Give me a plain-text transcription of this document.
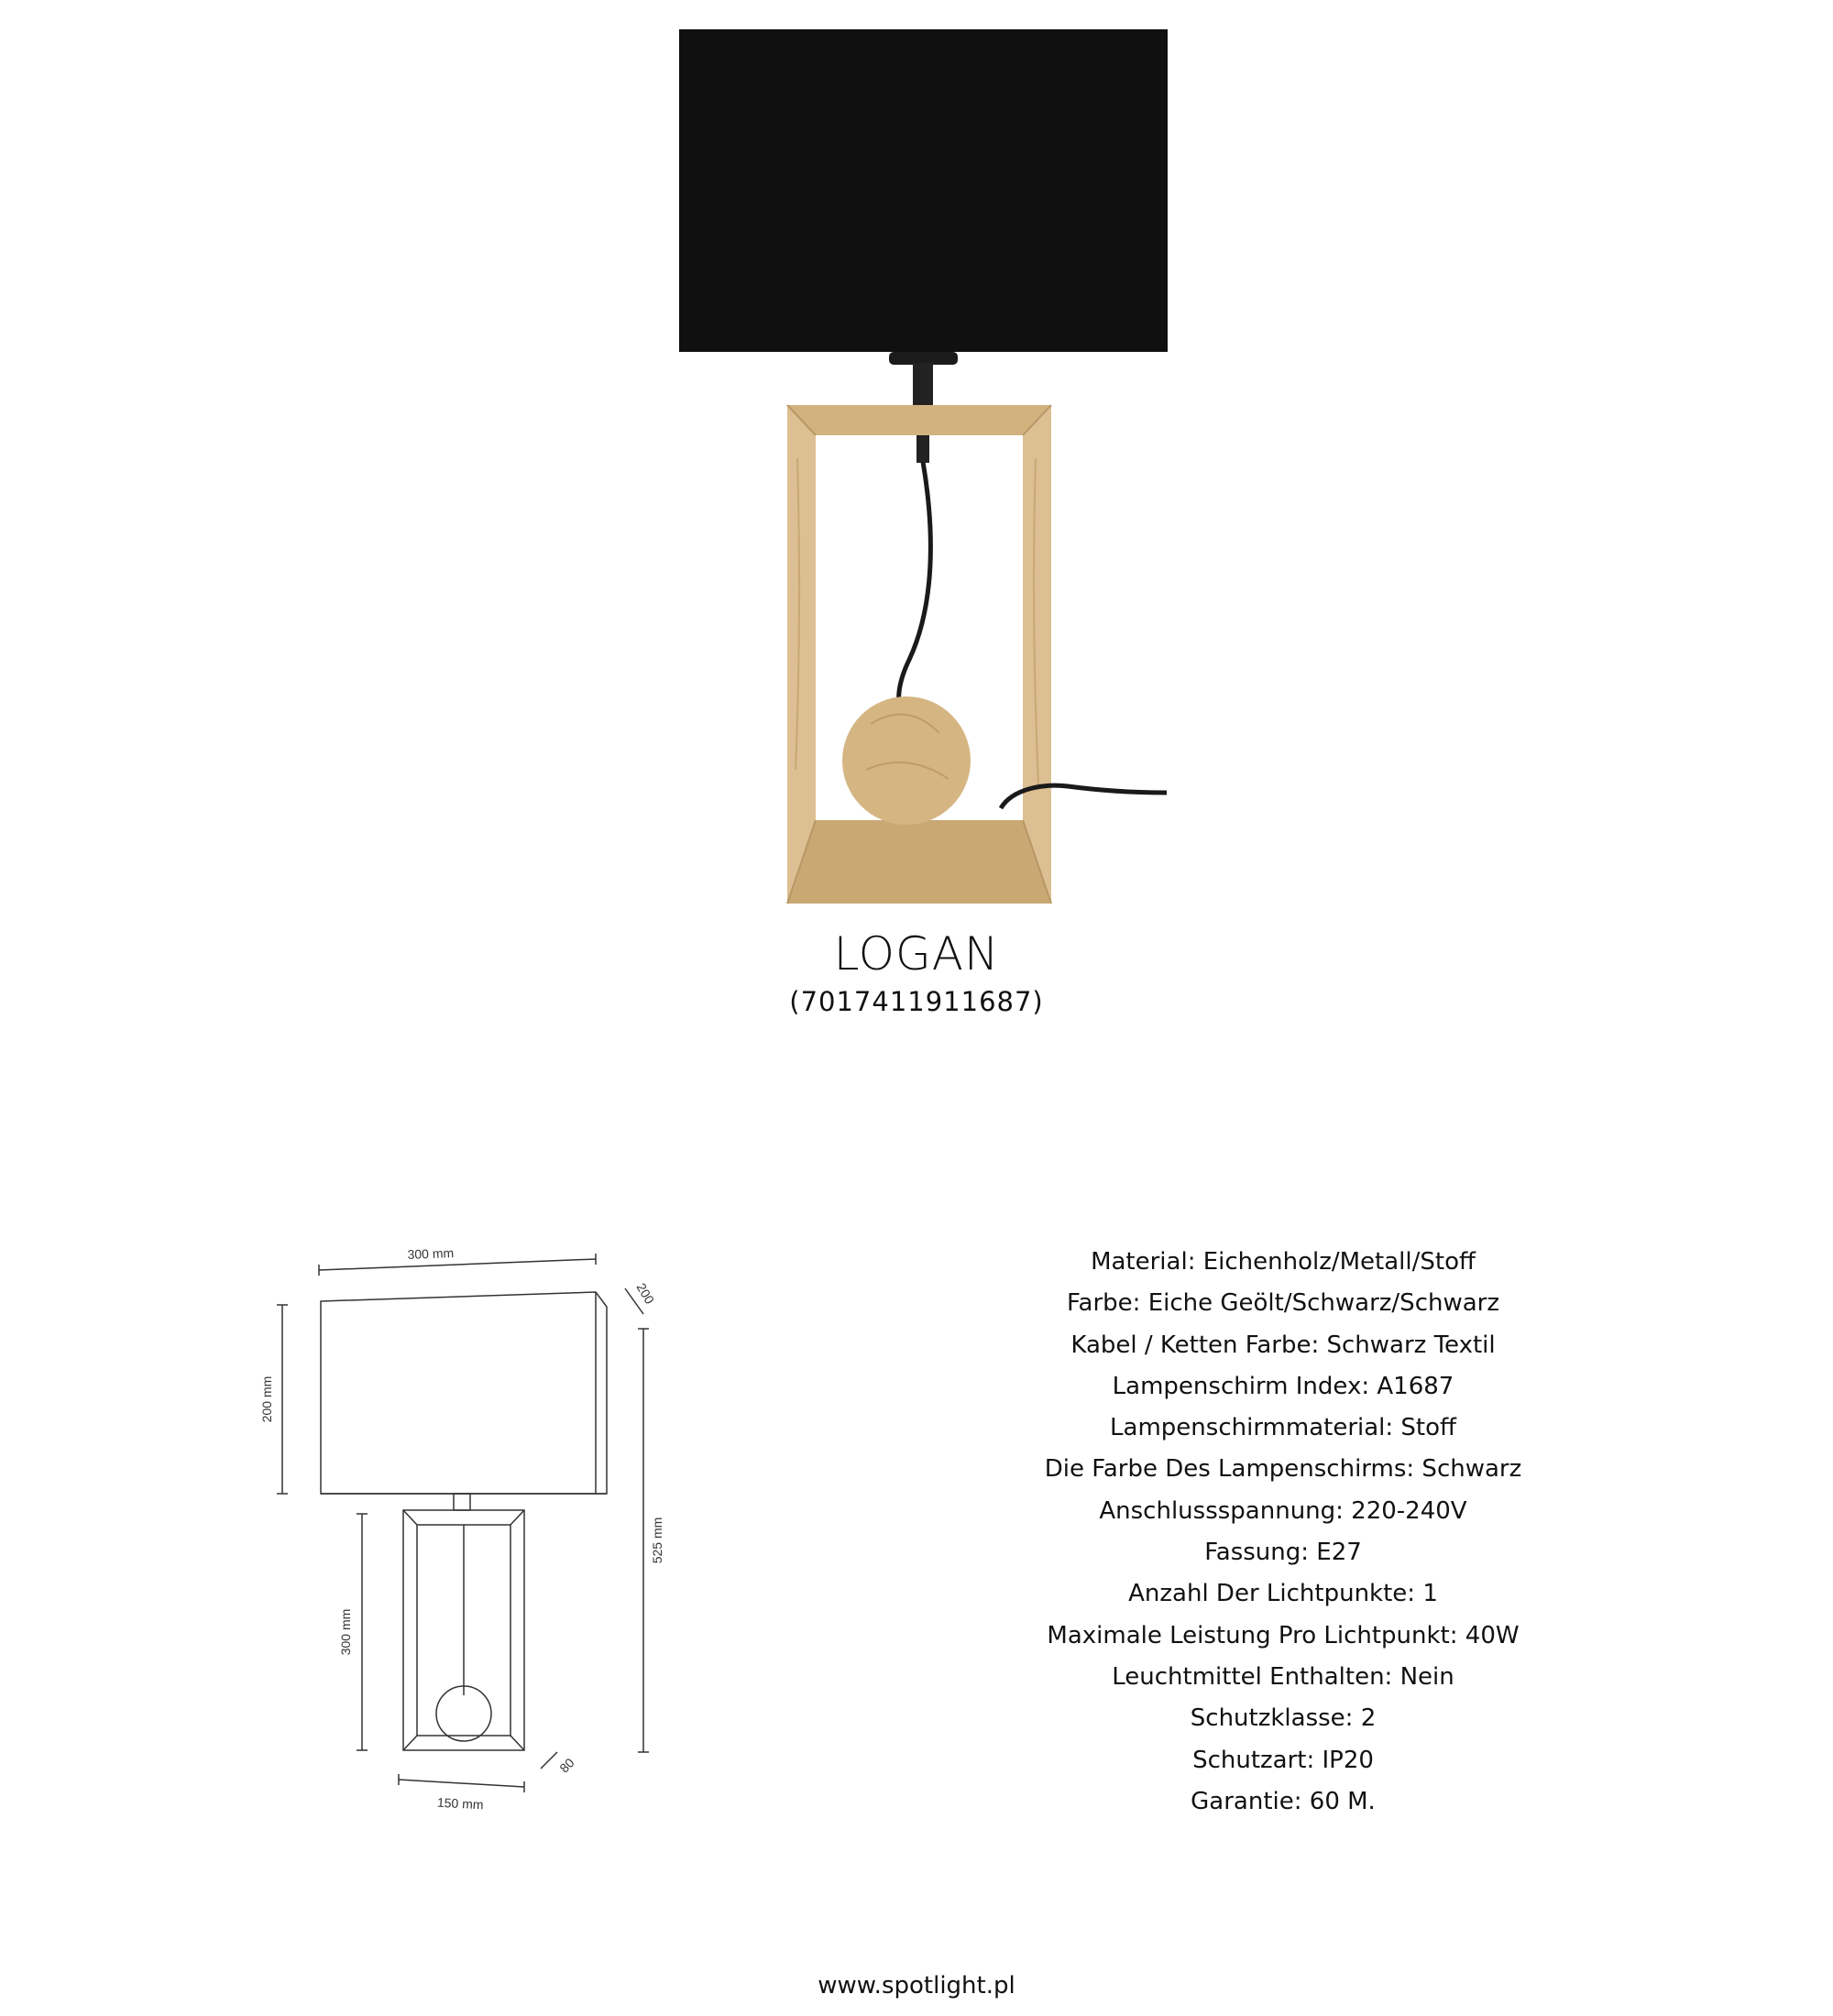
LOGAN
(7017411911687)
300 mm
200
200 mm
525 mm
300 mm
150 mm
80
Material: Eichenholz/Metall/Stoff
Farbe: Eiche Geölt/Schwarz/Schwarz
Kabel / Ketten Farbe: Schwarz Textil
Lampenschirm Index: A1687
Lampenschirmmaterial: Stoff
Die Farbe Des Lampenschirms: Schwarz
Anschlussspannung: 220-240V
Fassung: E27
Anzahl Der Lichtpunkte: 1
Maximale Leistung Pro Lichtpunkt: 40W
Leuchtmittel Enthalten: Nein
Schutzklasse: 2
Schutzart: IP20
Garantie: 60 M.
www.spotlight.pl
